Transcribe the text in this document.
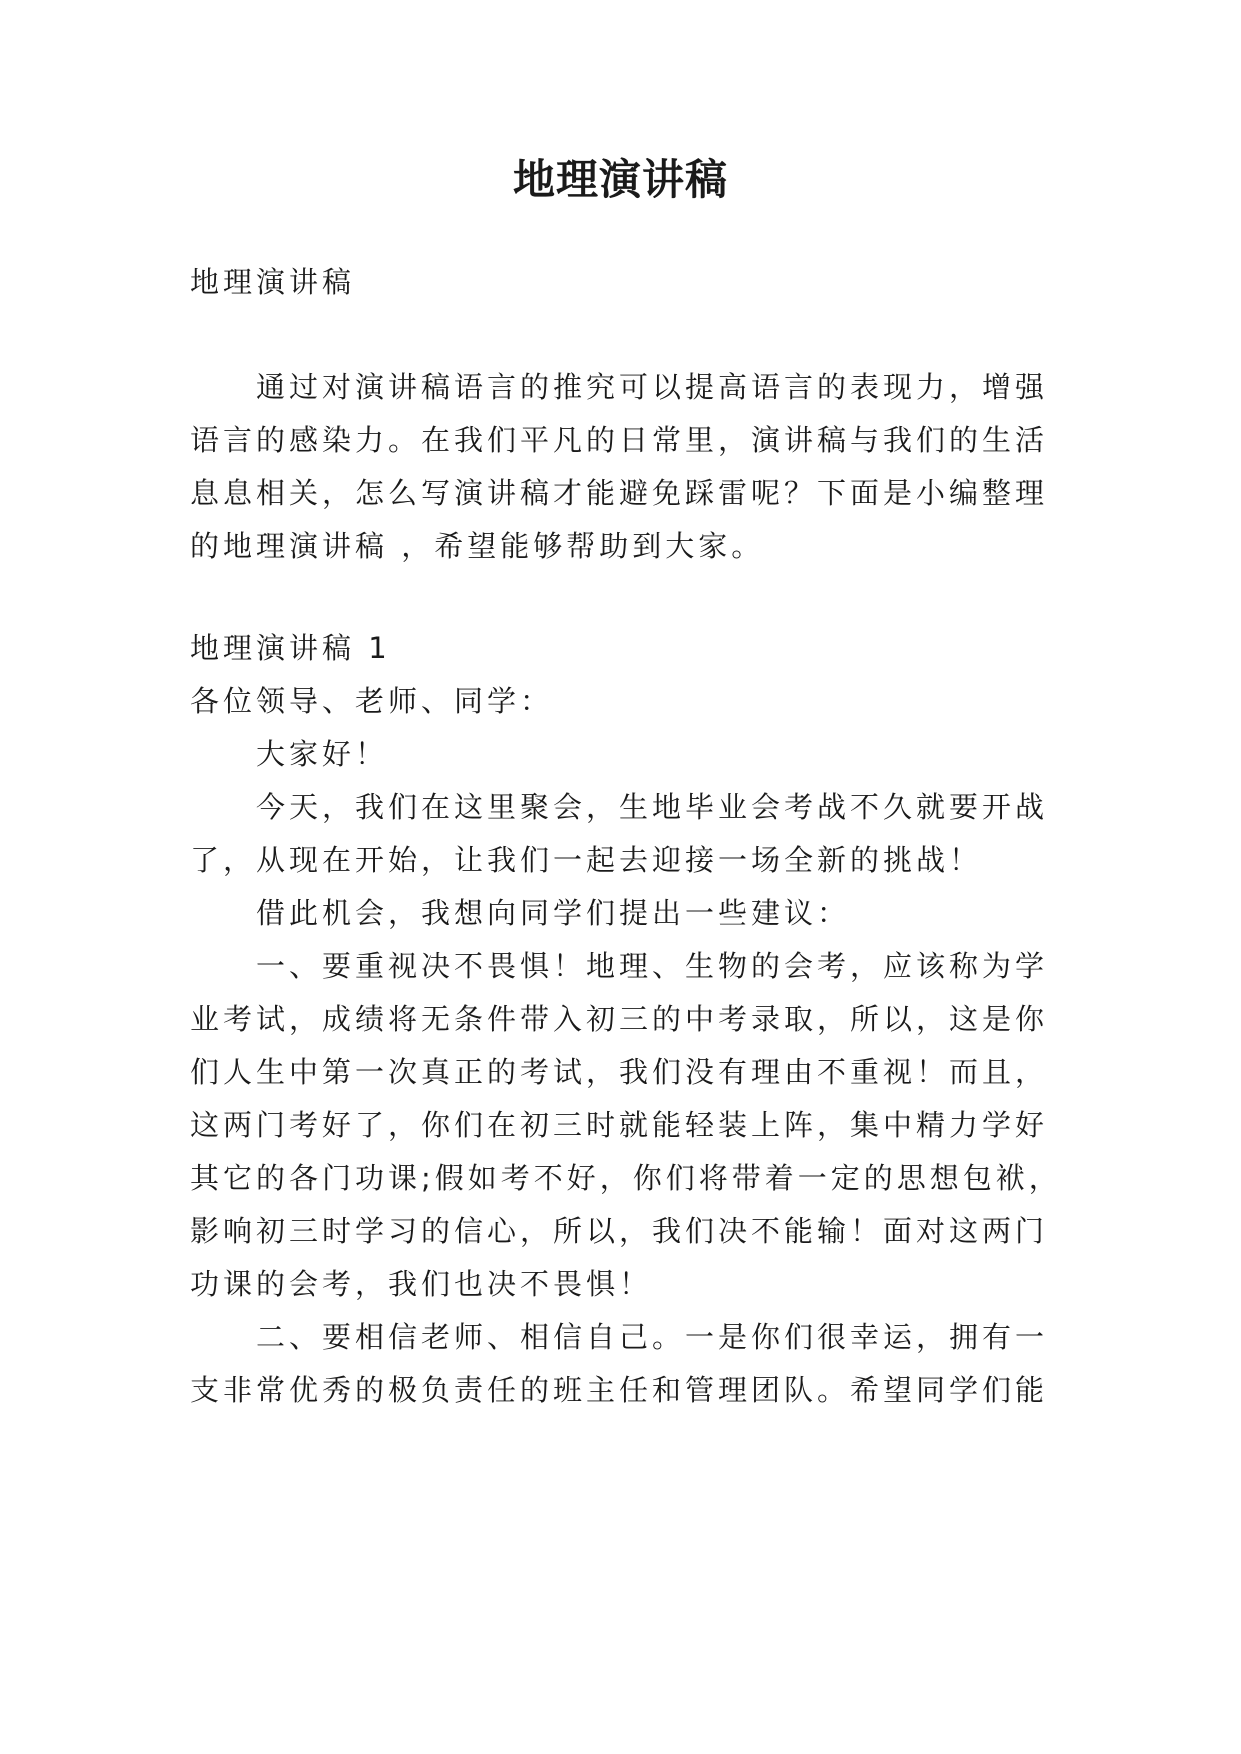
地理演讲稿
地理演讲稿
通过对演讲稿语言的推究可以提高语言的表现力，增强
语言的感染力。在我们平凡的日常里，演讲稿与我们的生活
息息相关，怎么写演讲稿才能避免踩雷呢？下面是小编整理
的地理演讲稿 ，希望能够帮助到大家。
地理演讲稿 1
各位领导、老师、同学：
大家好！
今天，我们在这里聚会，生地毕业会考战不久就要开战
了，从现在开始，让我们一起去迎接一场全新的挑战！
借此机会，我想向同学们提出一些建议：
一、要重视决不畏惧！地理、生物的会考，应该称为学
业考试，成绩将无条件带入初三的中考录取，所以，这是你
们人生中第一次真正的考试，我们没有理由不重视！而且，
这两门考好了，你们在初三时就能轻装上阵，集中精力学好
其它的各门功课;假如考不好，你们将带着一定的思想包袱，
影响初三时学习的信心，所以，我们决不能输！面对这两门
功课的会考，我们也决不畏惧！
二、要相信老师、相信自己。一是你们很幸运，拥有一
支非常优秀的极负责任的班主任和管理团队。希望同学们能
